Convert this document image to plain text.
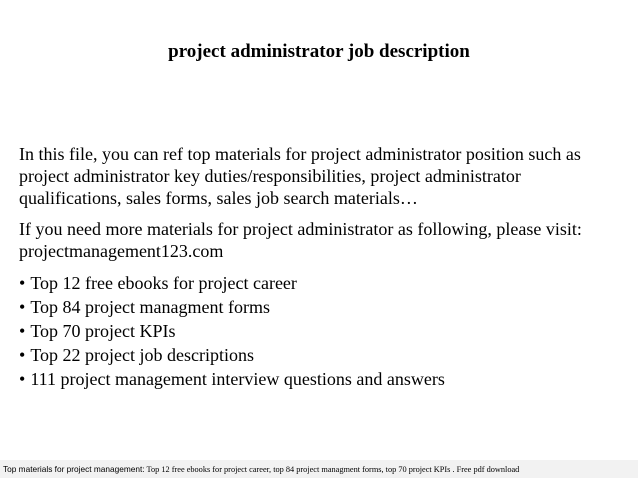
project administrator job description

In this file, you can ref top materials for project administrator position such as project administrator key duties/responsibilities, project administrator qualifications, sales forms, sales job search materials…

If you need more materials for project administrator as following, please visit: projectmanagement123.com

• Top 12 free ebooks for project career
• Top 84 project managment forms
• Top 70 project KPIs
• Top 22 project job descriptions
• 111 project management interview questions and answers
Top materials for project management: Top 12 free ebooks for project career, top 84 project managment forms, top 70 project KPIs . Free pdf download
